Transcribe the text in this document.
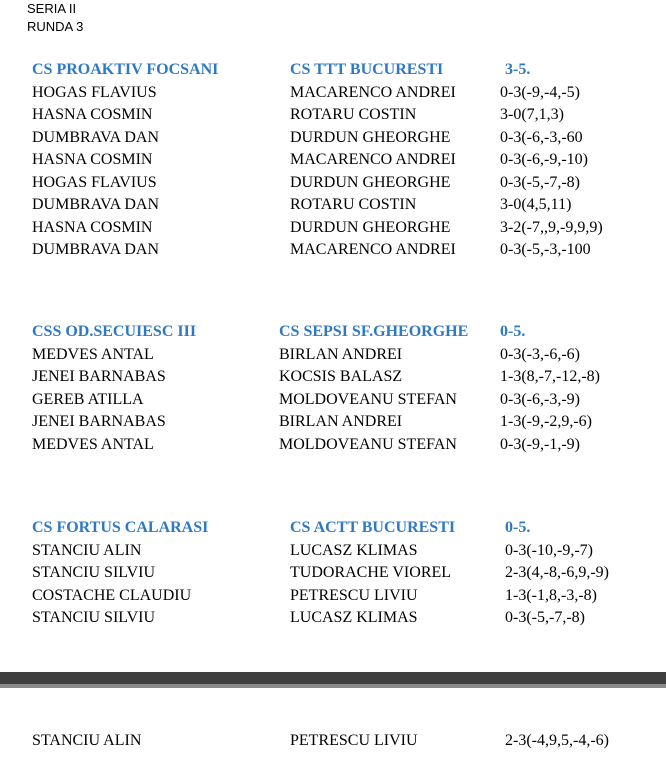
SERIA II
RUNDA 3
CS PROAKTIV FOCSANI	CS TTT BUCURESTI	3-5.
HOGAS FLAVIUS	MACARENCO ANDREI	0-3(-9,-4,-5)
HASNA COSMIN	ROTARU COSTIN	3-0(7,1,3)
DUMBRAVA DAN	DURDUN GHEORGHE	0-3(-6,-3,-60
HASNA COSMIN	MACARENCO ANDREI	0-3(-6,-9,-10)
HOGAS FLAVIUS	DURDUN GHEORGHE	0-3(-5,-7,-8)
DUMBRAVA DAN	ROTARU COSTIN	3-0(4,5,11)
HASNA COSMIN	DURDUN GHEORGHE	3-2(-7,,9,-9,9,9)
DUMBRAVA DAN	MACARENCO ANDREI	0-3(-5,-3,-100
CSS OD.SECUIESC III	CS SEPSI SF.GHEORGHE 0-5.
MEDVES ANTAL	BIRLAN ANDREI	0-3(-3,-6,-6)
JENEI BARNABAS	KOCSIS BALASZ	1-3(8,-7,-12,-8)
GEREB ATILLA	MOLDOVEANU STEFAN	0-3(-6,-3,-9)
JENEI BARNABAS	BIRLAN ANDREI	1-3(-9,-2,9,-6)
MEDVES ANTAL	MOLDOVEANU STEFAN	0-3(-9,-1,-9)
CS FORTUS CALARASI	CS ACTT BUCURESTI	0-5.
STANCIU ALIN	LUCASZ KLIMAS	0-3(-10,-9,-7)
STANCIU SILVIU	TUDORACHE VIOREL	2-3(4,-8,-6,9,-9)
COSTACHE CLAUDIU	PETRESCU LIVIU	1-3(-1,8,-3,-8)
STANCIU SILVIU	LUCASZ KLIMAS	0-3(-5,-7,-8)
STANCIU ALIN	PETRESCU LIVIU	2-3(-4,9,5,-4,-6)
